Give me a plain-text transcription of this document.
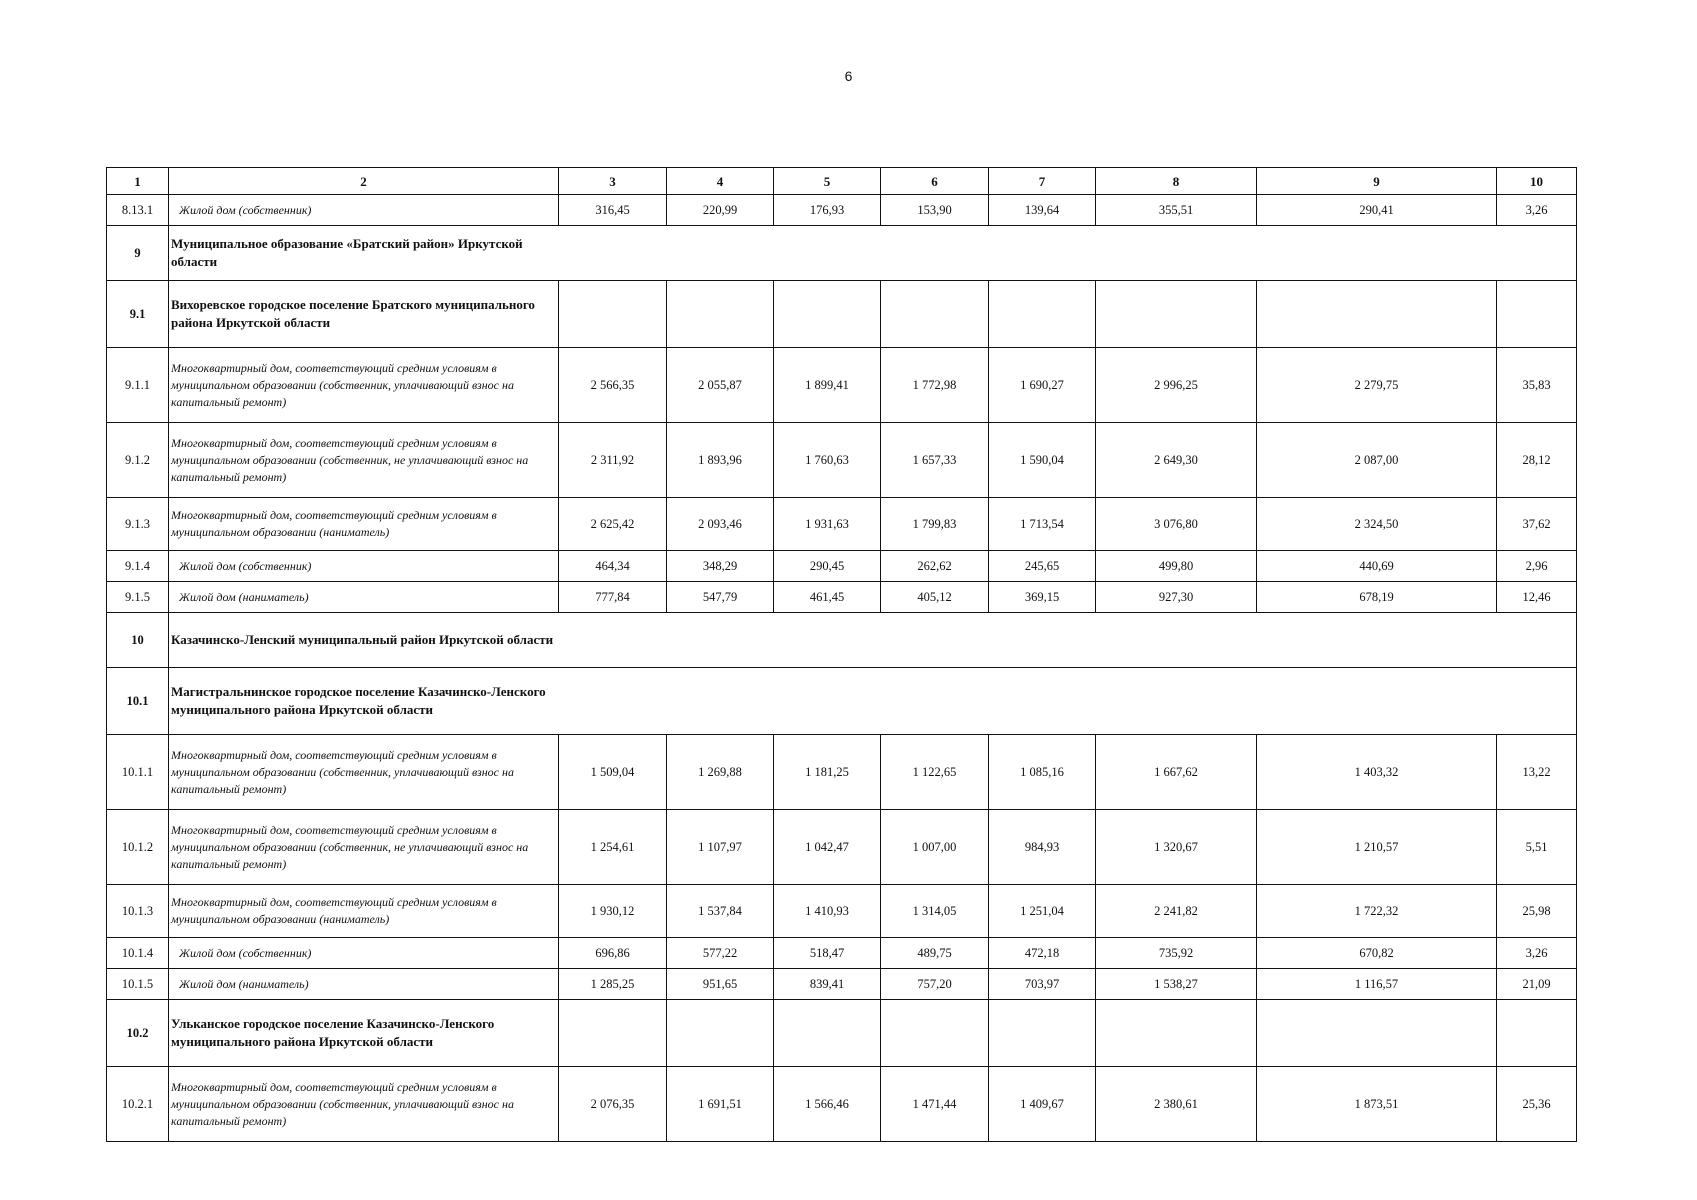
6
1	2	3	4	5	6	7	8	9	10
8.13.1	Жилой дом (собственник)	316,45	220,99	176,93	153,90	139,64	355,51	290,41	3,26
9	Муниципальное образование «Братский район» Иркутской области								
9.1	Вихоревское городское поселение Братского муниципального района Иркутской области								
9.1.1	Многоквартирный дом, соответствующий средним условиям в муниципальном образовании (собственник, уплачивающий взнос на капитальный ремонт)	2 566,35	2 055,87	1 899,41	1 772,98	1 690,27	2 996,25	2 279,75	35,83
9.1.2	Многоквартирный дом, соответствующий средним условиям в муниципальном образовании (собственник, не уплачивающий взнос на капитальный ремонт)	2 311,92	1 893,96	1 760,63	1 657,33	1 590,04	2 649,30	2 087,00	28,12
9.1.3	Многоквартирный дом, соответствующий средним условиям в муниципальном образовании (наниматель)	2 625,42	2 093,46	1 931,63	1 799,83	1 713,54	3 076,80	2 324,50	37,62
9.1.4	Жилой дом (собственник)	464,34	348,29	290,45	262,62	245,65	499,80	440,69	2,96
9.1.5	Жилой дом (наниматель)	777,84	547,79	461,45	405,12	369,15	927,30	678,19	12,46
10	Казачинско-Ленский муниципальный район Иркутской области								
10.1	Магистральнинское городское поселение Казачинско-Ленского муниципального района Иркутской области								
10.1.1	Многоквартирный дом, соответствующий средним условиям в муниципальном образовании (собственник, уплачивающий взнос на капитальный ремонт)	1 509,04	1 269,88	1 181,25	1 122,65	1 085,16	1 667,62	1 403,32	13,22
10.1.2	Многоквартирный дом, соответствующий средним условиям в муниципальном образовании (собственник, не уплачивающий взнос на капитальный ремонт)	1 254,61	1 107,97	1 042,47	1 007,00	984,93	1 320,67	1 210,57	5,51
10.1.3	Многоквартирный дом, соответствующий средним условиям в муниципальном образовании (наниматель)	1 930,12	1 537,84	1 410,93	1 314,05	1 251,04	2 241,82	1 722,32	25,98
10.1.4	Жилой дом (собственник)	696,86	577,22	518,47	489,75	472,18	735,92	670,82	3,26
10.1.5	Жилой дом (наниматель)	1 285,25	951,65	839,41	757,20	703,97	1 538,27	1 116,57	21,09
10.2	Ульканское городское поселение Казачинско-Ленского муниципального района Иркутской области								
10.2.1	Многоквартирный дом, соответствующий средним условиям в муниципальном образовании (собственник, уплачивающий взнос на капитальный ремонт)	2 076,35	1 691,51	1 566,46	1 471,44	1 409,67	2 380,61	1 873,51	25,36
